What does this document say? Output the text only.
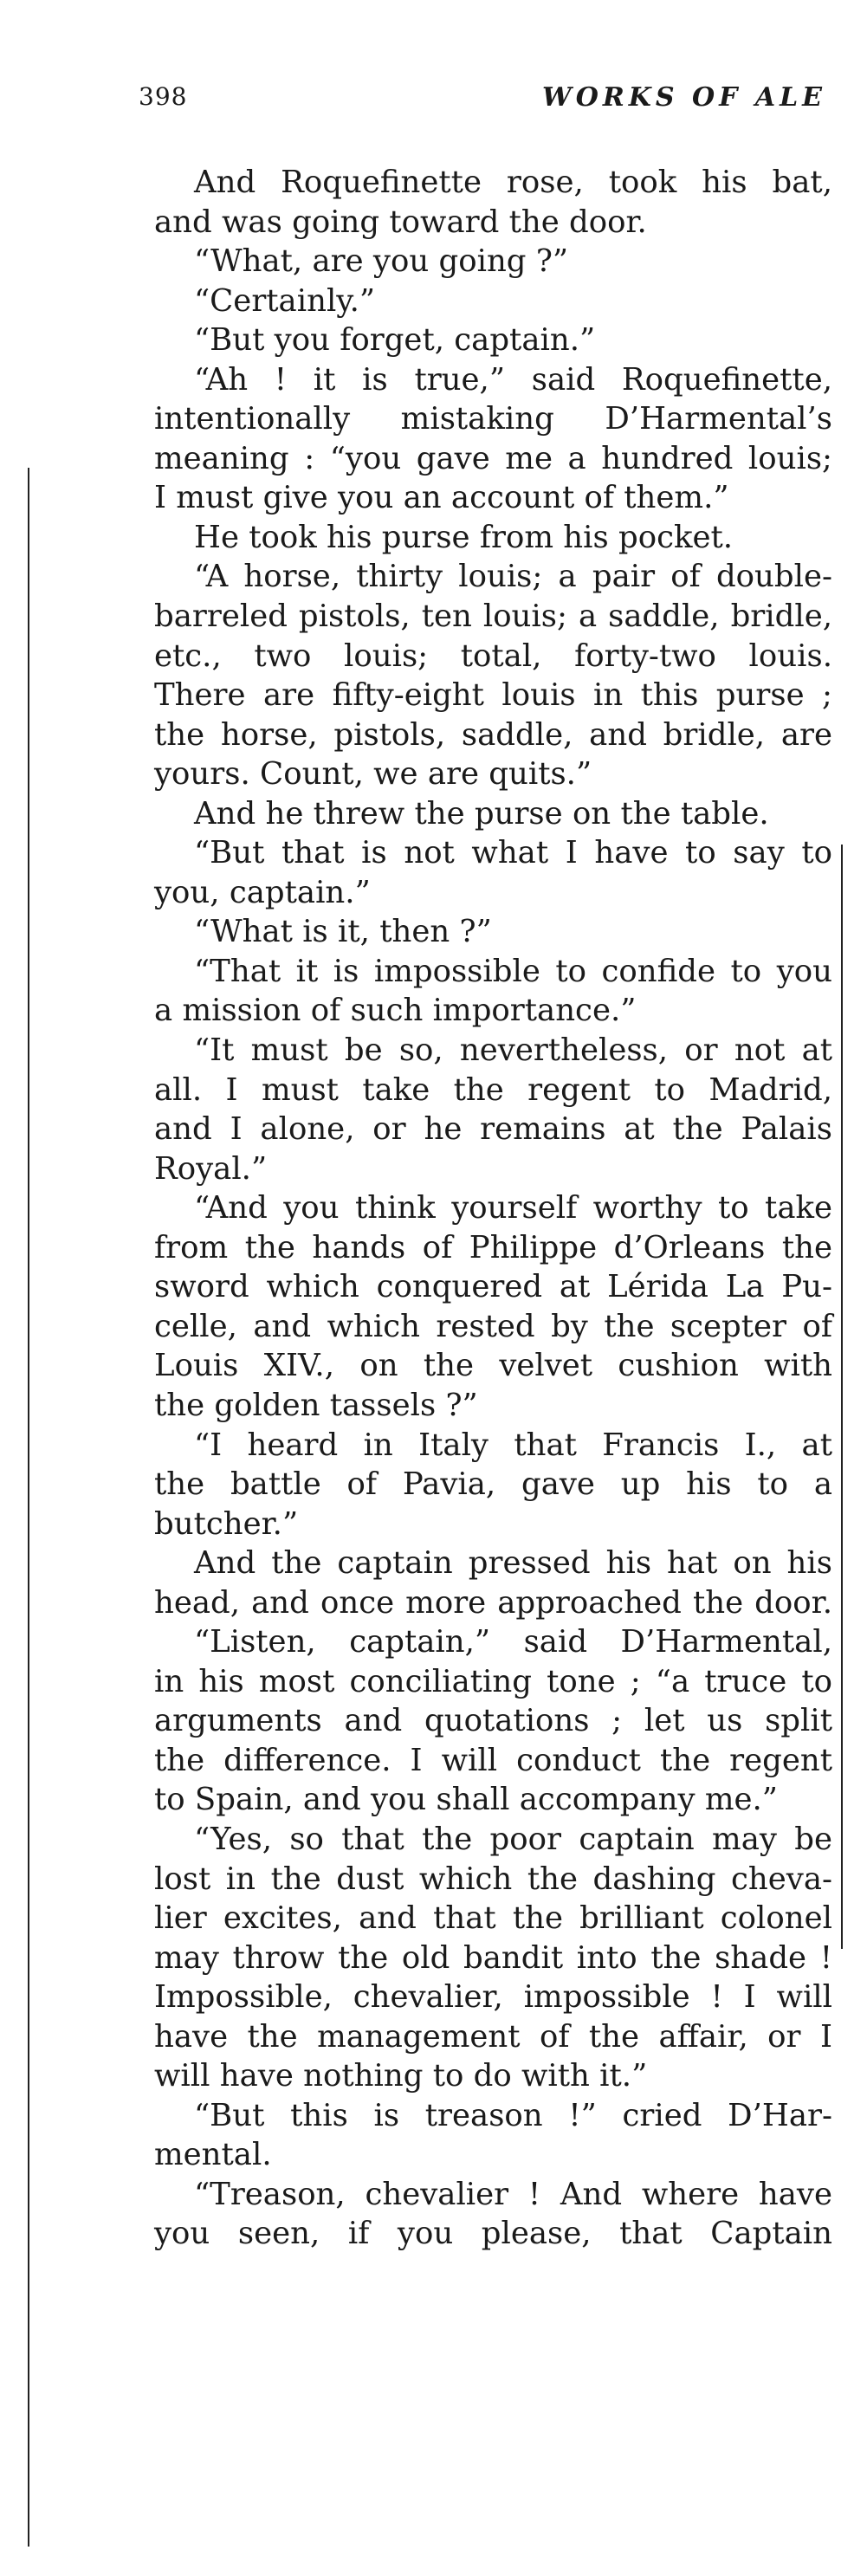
398	WORKS OF ALE
And Roquefinette rose, took his bat,
and was going toward the door.
“What, are you going ?”
“Certainly.”
“But you forget, captain.”
“Ah ! it is true,” said Roquefinette,
intentionally mistaking D’Harmental’s
meaning : “you gave me a hundred louis;
I must give you an account of them.”
He took his purse from his pocket.
“A horse, thirty louis; a pair of double-
barreled pistols, ten louis; a saddle, bridle,
etc., two louis; total, forty-two louis.
There are fifty-eight louis in this purse ;
the horse, pistols, saddle, and bridle, are
yours. Count, we are quits.”
And he threw the purse on the table.
“But that is not what I have to say to
you, captain.”
“What is it, then ?”
“That it is impossible to confide to you
a mission of such importance.”
“It must be so, nevertheless, or not at
all. I must take the regent to Madrid,
and I alone, or he remains at the Palais
Royal.”
“And you think yourself worthy to take
from the hands of Philippe d’Orleans the
sword which conquered at Lérida La Pu-
celle, and which rested by the scepter of
Louis XIV., on the velvet cushion with
the golden tassels ?”
“I heard in Italy that Francis I., at
the battle of Pavia, gave up his to a
butcher.”
And the captain pressed his hat on his
head, and once more approached the door.
“Listen, captain,” said D’Harmental,
in his most conciliating tone ; “a truce to
arguments and quotations ; let us split
the difference. I will conduct the regent
to Spain, and you shall accompany me.”
“Yes, so that the poor captain may be
lost in the dust which the dashing cheva-
lier excites, and that the brilliant colonel
may throw the old bandit into the shade !
Impossible, chevalier, impossible ! I will
have the management of the affair, or I
will have nothing to do with it.”
“But this is treason !” cried D’Har-
mental.
“Treason, chevalier ! And where have
you seen, if you please, that Captain
